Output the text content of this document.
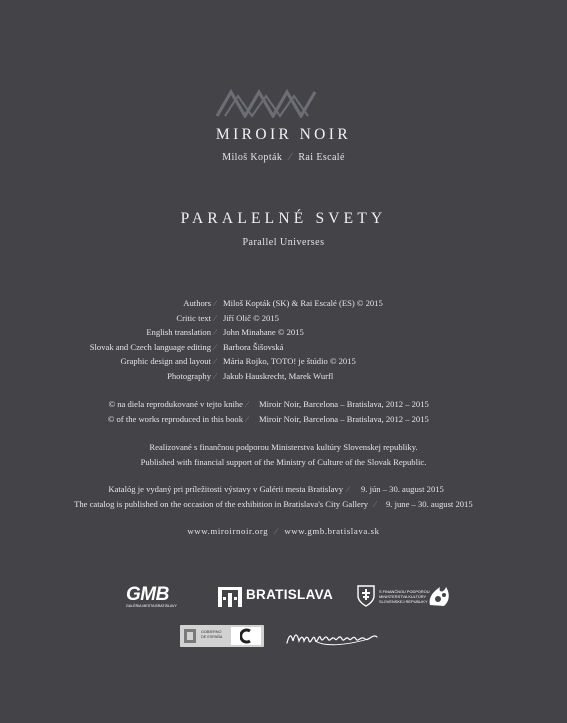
MIROIR NOIR
Miloš Kopták ⁄ Rai Escalé
PARALELNÉ SVETY
Parallel Universes
Authors ⁄ Miloš Kopták (SK) & Rai Escalé (ES) © 2015
Critic text ⁄ Jiří Olič © 2015
English translation ⁄ John Minahane © 2015
Slovak and Czech language editing ⁄ Barbora Šišovská
Graphic design and layout ⁄ Mária Rojko, TOTO! je štúdio © 2015
Photography ⁄ Jakub Hauskrecht, Marek Wurfl
© na diela reprodukované v tejto knihe ⁄	Miroir Noir, Barcelona – Bratislava, 2012 – 2015
© of the works reproduced in this book ⁄	Miroir Noir, Barcelona – Bratislava, 2012 – 2015
Realizované s finančnou podporou Ministerstva kultúry Slovenskej republiky.
Published with financial support of the Ministry of Culture of the Slovak Republic.
Katalóg je vydaný pri príležitosti výstavy v Galérii mesta Bratislavy ⁄	9. jún – 30. august 2015
The catalog is published on the occasion of the exhibition in Bratislava's City Gallery ⁄	9. june – 30. august 2015
www.miroirnoir.org ⁄ www.gmb.bratislava.sk
GMB
GALÉRIA MESTA BRATISLAVY
BRATISLAVA	S FINANČNOU PODPOROU
MINISTERSTVA KULTÚRY
SLOVENSKEJ REPUBLIKY
GOBIERNO
DE ESPAÑA
